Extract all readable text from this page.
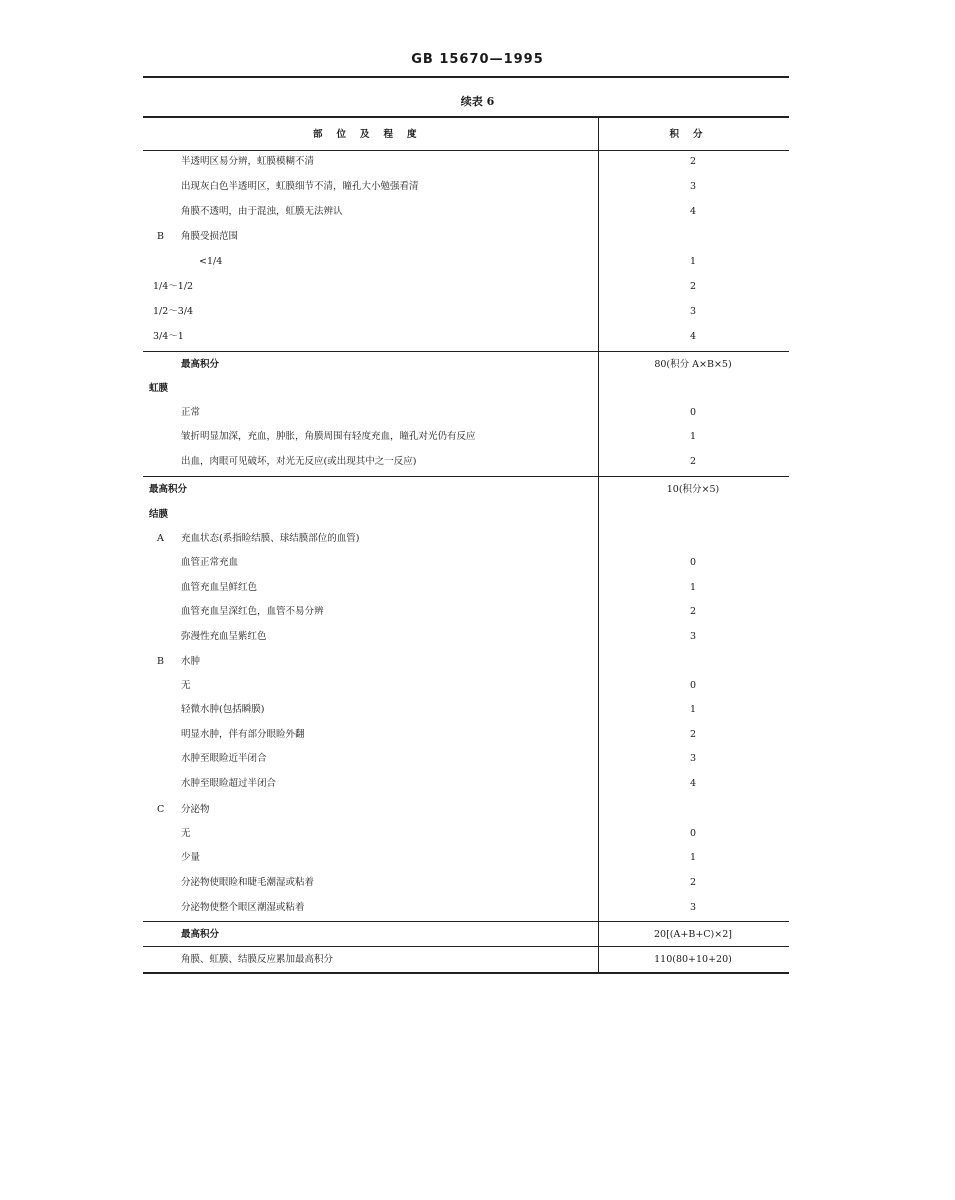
GB 15670—1995
续表 6
部位及程度	积分
半透明区易分辨，虹膜模糊不清	2
出现灰白色半透明区，虹膜细节不清，瞳孔大小勉强看清	3
角膜不透明，由于混浊，虹膜无法辨认	4
B 角膜受损范围
<1/4	1
1/4～1/2	2
1/2～3/4	3
3/4～1	4
最高积分	80(积分 A×B×5)
虹膜
正常	0
皱折明显加深，充血，肿胀，角膜周围有轻度充血，瞳孔对光仍有反应	1
出血，肉眼可见破坏，对光无反应(或出现其中之一反应)	2
最高积分	10(积分×5)
结膜
A 充血状态(系指睑结膜、球结膜部位的血管)
血管正常充血	0
血管充血呈鲜红色	1
血管充血呈深红色，血管不易分辨	2
弥漫性充血呈紫红色	3
B 水肿
无	0
轻微水肿(包括瞬膜)	1
明显水肿，伴有部分眼睑外翻	2
水肿至眼睑近半闭合	3
水肿至眼睑超过半闭合	4
C 分泌物
无	0
少量	1
分泌物使眼睑和睫毛潮湿或粘着	2
分泌物使整个眼区潮湿或粘着	3
最高积分	20[(A+B+C)×2]
角膜、虹膜、结膜反应累加最高积分	110(80+10+20)
